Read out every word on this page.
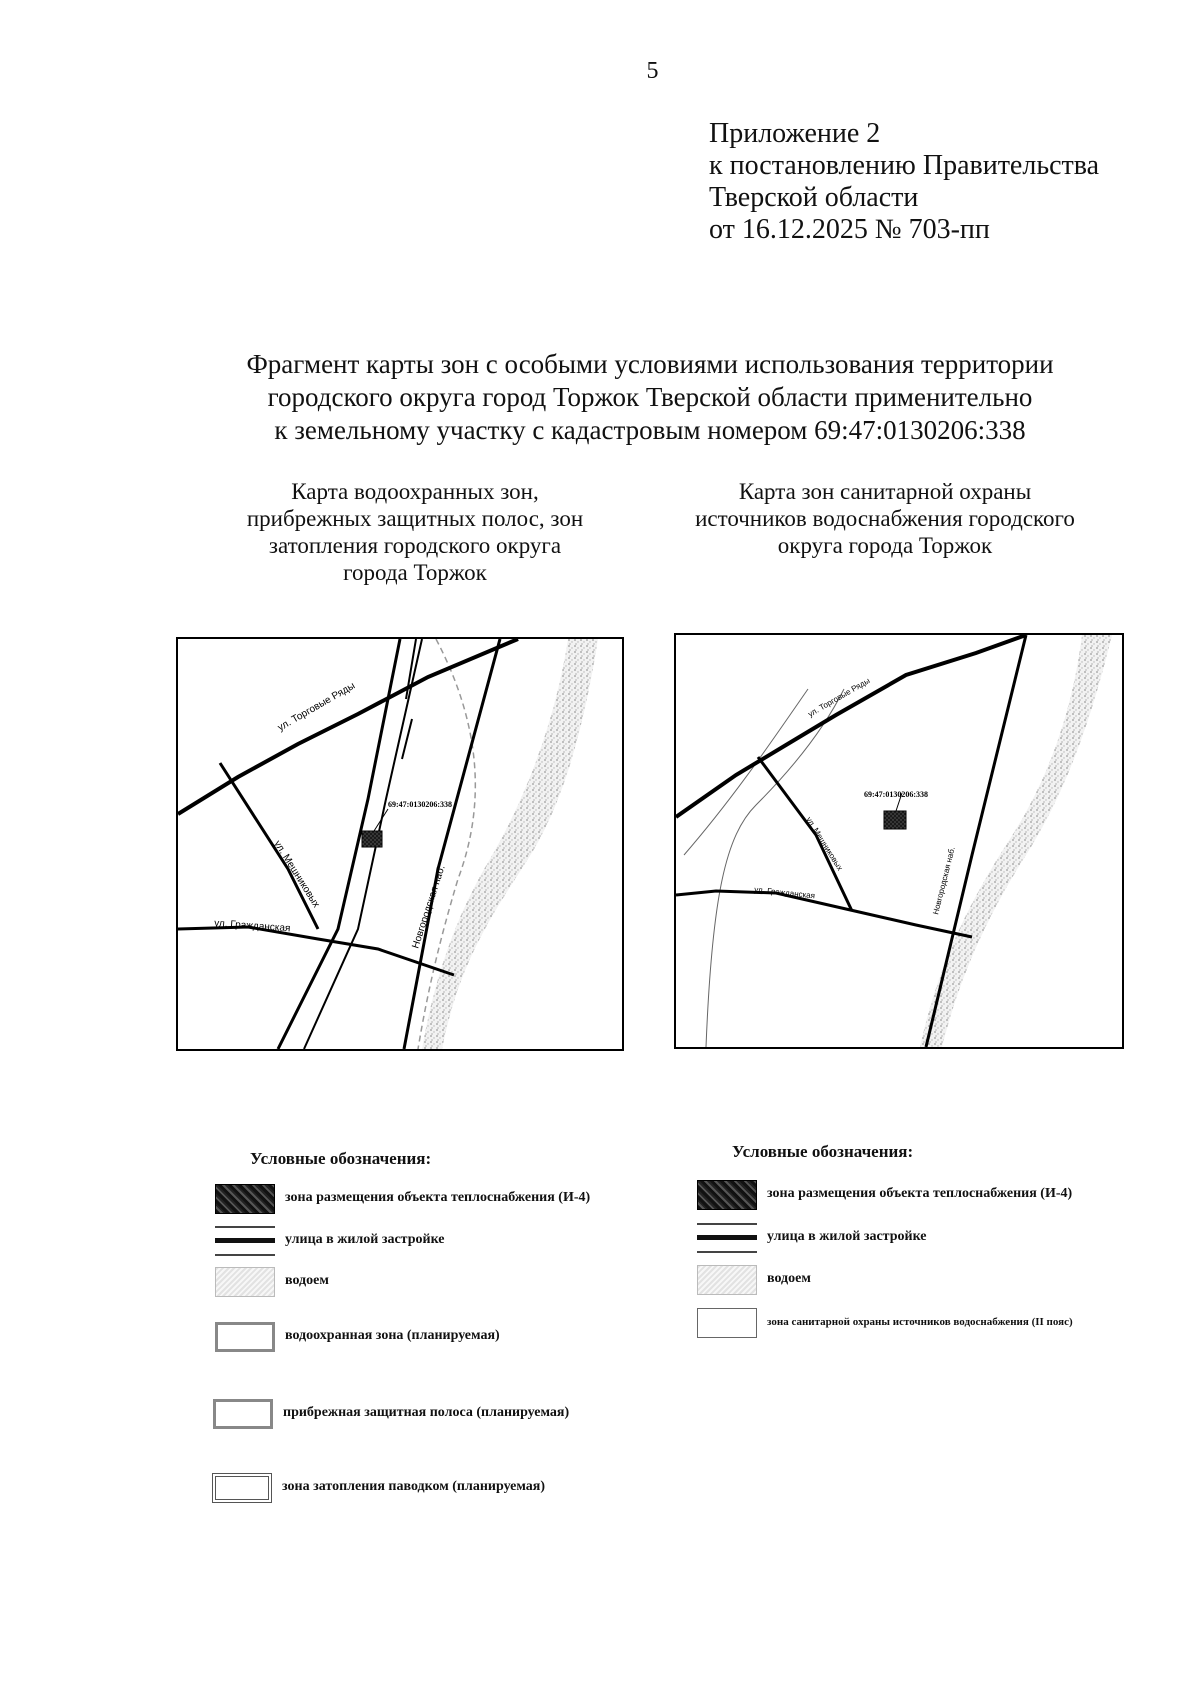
5
Приложение 2
к постановлению Правительства
Тверской области
от 16.12.2025 № 703-пп
Фрагмент карты зон с особыми условиями использования территории
городского округа город Торжок Тверской области применительно
к земельному участку с кадастровым номером 69:47:0130206:338
Карта водоохранных зон,
прибрежных защитных полос, зон
затопления городского округа
города Торжок
Карта зон санитарной охраны
источников водоснабжения городского
округа города Торжок
ул. Торговые Ряды
ул. Мешниковых
ул. Гражданская	Новгородская наб.
69:47:0130206:338
ул. Торговые Ряды
ул. Мешниковых
ул. Гражданская	Новгородская наб.
69:47:0130206:338
Условные обозначения:
зона размещения объекта теплоснабжения (И-4)
улица в жилой застройке
водоем
водоохранная зона (планируемая)
прибрежная защитная полоса (планируемая)
зона затопления паводком (планируемая)
Условные обозначения:
зона размещения объекта теплоснабжения (И-4)
улица в жилой застройке
водоем
зона санитарной охраны источников водоснабжения (II пояс)
